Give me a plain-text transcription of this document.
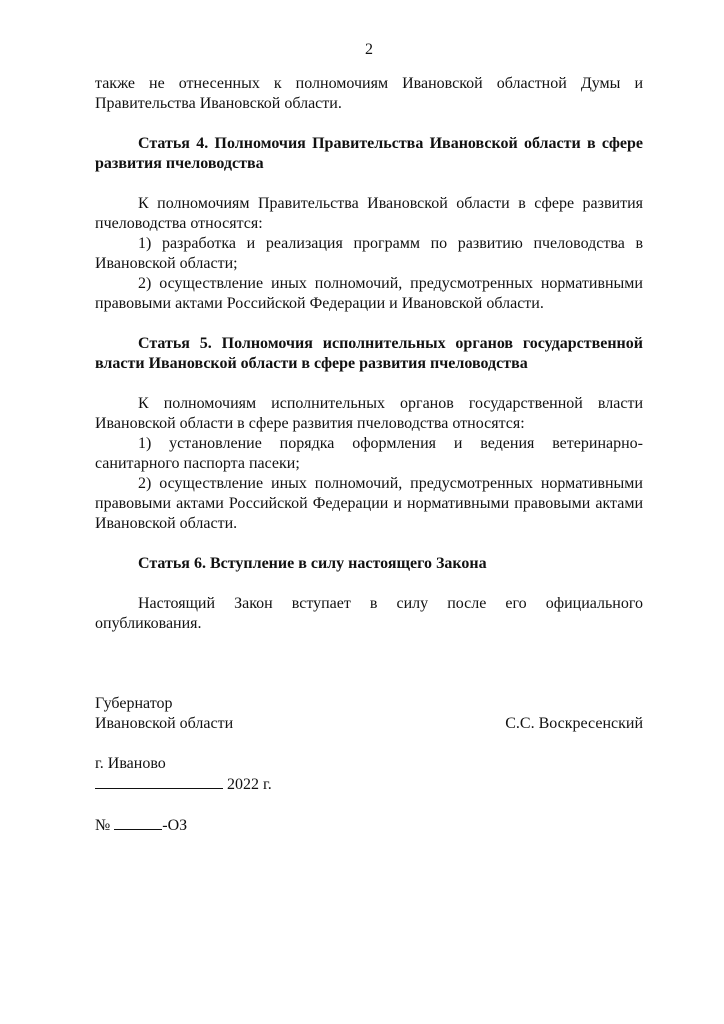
2

также не отнесенных к полномочиям Ивановской областной Думы и Правительства Ивановской области.

Статья 4. Полномочия Правительства Ивановской области в сфере развития пчеловодства

К полномочиям Правительства Ивановской области в сфере развития пчеловодства относятся:

1) разработка и реализация программ по развитию пчеловодства в Ивановской области;

2) осуществление иных полномочий, предусмотренных нормативными правовыми актами Российской Федерации и Ивановской области.

Статья 5. Полномочия исполнительных органов государственной власти Ивановской области в сфере развития пчеловодства

К полномочиям исполнительных органов государственной власти Ивановской области в сфере развития пчеловодства относятся:

1) установление порядка оформления и ведения ветеринарно-санитарного паспорта пасеки;

2) осуществление иных полномочий, предусмотренных нормативными правовыми актами Российской Федерации и нормативными правовыми актами Ивановской области.

Статья 6. Вступление в силу настоящего Закона

Настоящий Закон вступает в силу после его официального опубликования.

Губернатор

Ивановской области	С.С. Воскресенский

г. Иваново

2022 г.

№	-ОЗ
